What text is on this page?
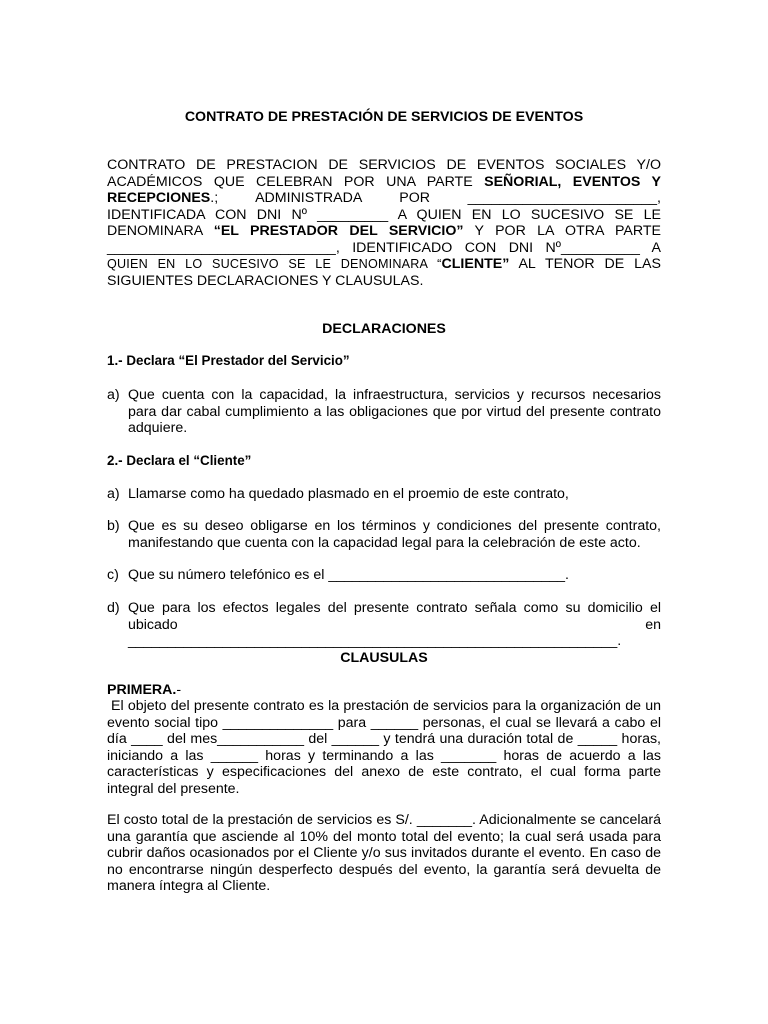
CONTRATO DE PRESTACIÓN DE SERVICIOS DE EVENTOS
CONTRATO DE PRESTACION DE SERVICIOS DE EVENTOS SOCIALES Y/O
ACADÉMICOS QUE CELEBRAN POR UNA PARTE SEÑORIAL, EVENTOS Y
RECEPCIONES.; ADMINISTRADA POR ________________________,
IDENTIFICADA CON DNI Nº _________ A QUIEN EN LO SUCESIVO SE LE
DENOMINARA “EL PRESTADOR DEL SERVICIO” Y POR LA OTRA PARTE
_____________________________, IDENTIFICADO CON DNI Nº__________ A
QUIEN EN LO SUCESIVO SE LE DENOMINARA “CLIENTE” AL TENOR DE LAS
SIGUIENTES DECLARACIONES Y CLAUSULAS.
DECLARACIONES
1.- Declara “El Prestador del Servicio”
a) Que cuenta con la capacidad, la infraestructura, servicios y recursos necesarios para dar cabal cumplimiento a las obligaciones que por virtud del presente contrato adquiere.
2.- Declara el “Cliente”
a) Llamarse como ha quedado plasmado en el proemio de este contrato,
b) Que es su deseo obligarse en los términos y condiciones del presente contrato, manifestando que cuenta con la capacidad legal para la celebración de este acto.
c) Que su número telefónico es el ______________________________.
d) Que para los efectos legales del presente contrato señala como su domicilio el ubicado en ______________________________________________________________.
CLAUSULAS
PRIMERA.-
El objeto del presente contrato es la prestación de servicios para la organización de un evento social tipo ______________ para ______ personas, el cual se llevará a cabo el día ____ del mes___________ del ______ y tendrá una duración total de _____ horas, iniciando a las ______ horas y terminando a las _______ horas de acuerdo a las características y especificaciones del anexo de este contrato, el cual forma parte integral del presente.
El costo total de la prestación de servicios es S/. _______. Adicionalmente se cancelará una garantía que asciende al 10% del monto total del evento; la cual será usada para cubrir daños ocasionados por el Cliente y/o sus invitados durante el evento. En caso de no encontrarse ningún desperfecto después del evento, la garantía será devuelta de manera íntegra al Cliente.
